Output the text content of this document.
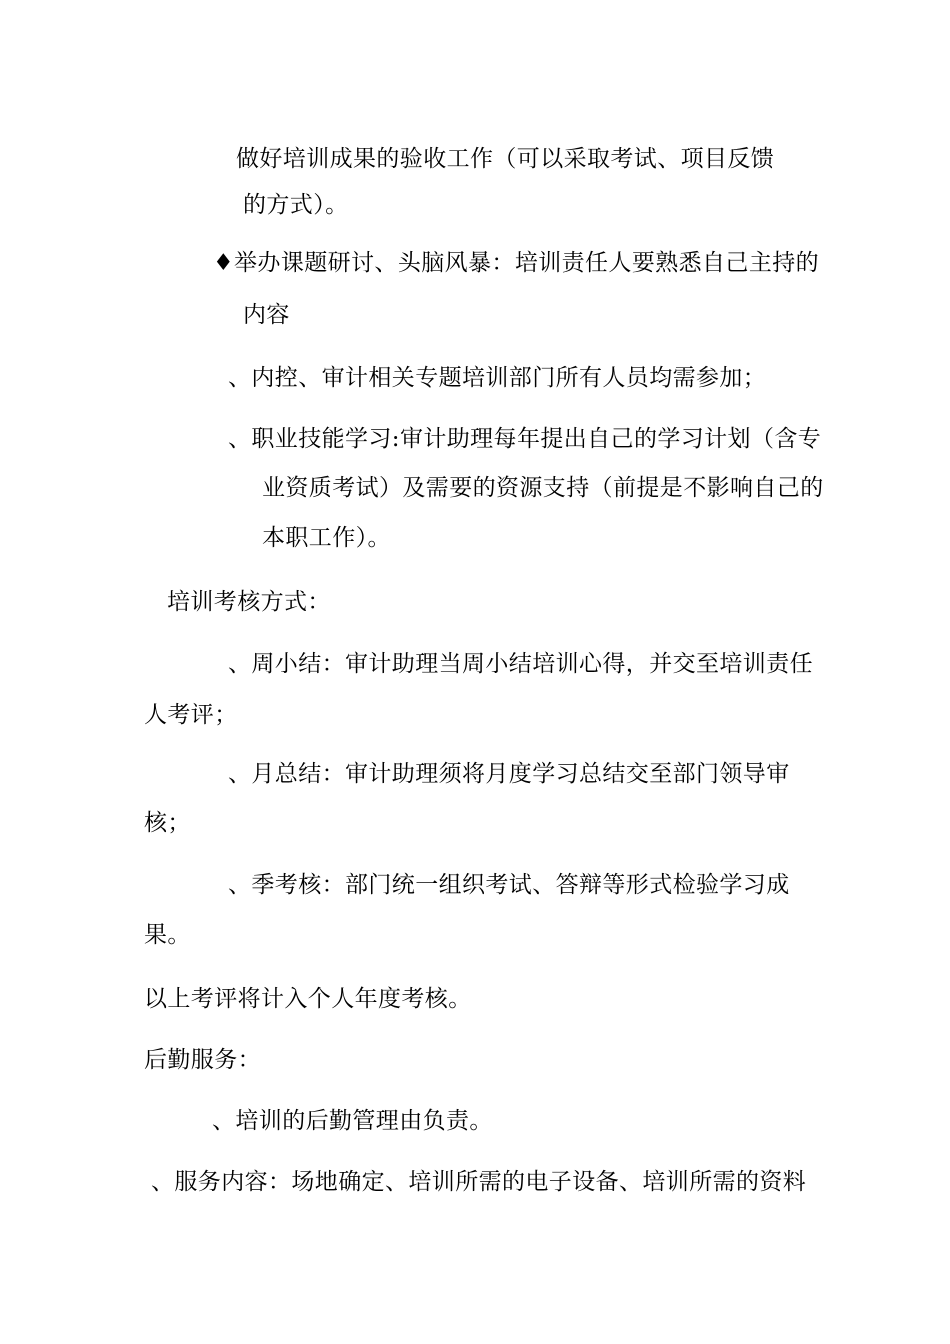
做好培训成果的验收工作（可以采取考试、项目反馈
的方式）。
♦举办课题研讨、头脑风暴：培训责任人要熟悉自己主持的
内容
、内控、审计相关专题培训部门所有人员均需参加；
、职业技能学习:审计助理每年提出自己的学习计划（含专
业资质考试）及需要的资源支持（前提是不影响自己的
本职工作）。
培训考核方式：
、周小结：审计助理当周小结培训心得，并交至培训责任
人考评；
、月总结：审计助理须将月度学习总结交至部门领导审
核；
、季考核：部门统一组织考试、答辩等形式检验学习成
果。
以上考评将计入个人年度考核。
后勤服务：
、培训的后勤管理由负责。
、服务内容：场地确定、培训所需的电子设备、培训所需的资料
